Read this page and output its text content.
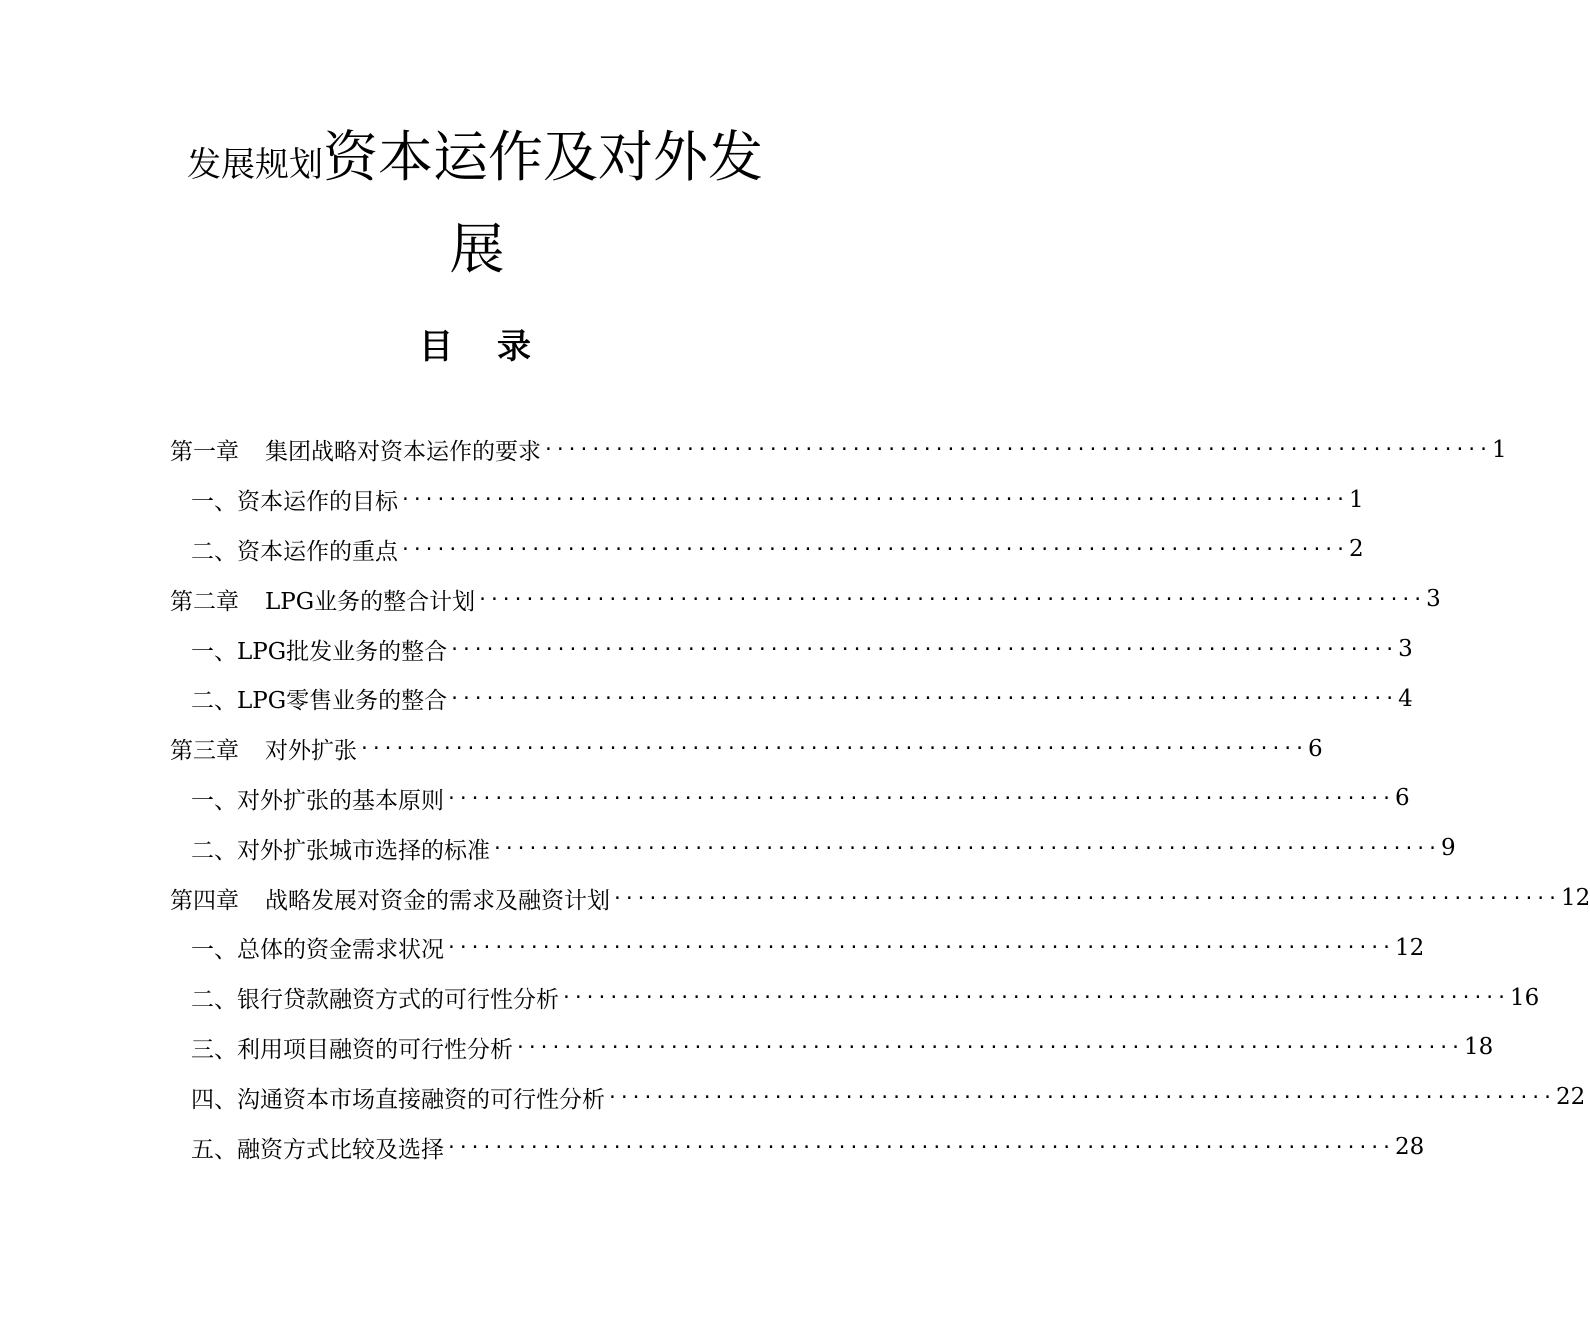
发展规划资本运作及对外发
展
目录
第一章 集团战略对资本运作的要求 ················································································ 1
一、资本运作的目标 ················································································ 1
二、资本运作的重点 ················································································ 2
第二章 LPG业务的整合计划 ················································································ 3
一、LPG批发业务的整合 ················································································ 3
二、LPG零售业务的整合 ················································································ 4
第三章 对外扩张 ················································································ 6
一、对外扩张的基本原则 ················································································ 6
二、对外扩张城市选择的标准 ················································································ 9
第四章 战略发展对资金的需求及融资计划 ················································································ 12
一、总体的资金需求状况 ················································································ 12
二、银行贷款融资方式的可行性分析 ················································································ 16
三、利用项目融资的可行性分析 ················································································ 18
四、沟通资本市场直接融资的可行性分析 ················································································ 22
五、融资方式比较及选择 ················································································ 28
